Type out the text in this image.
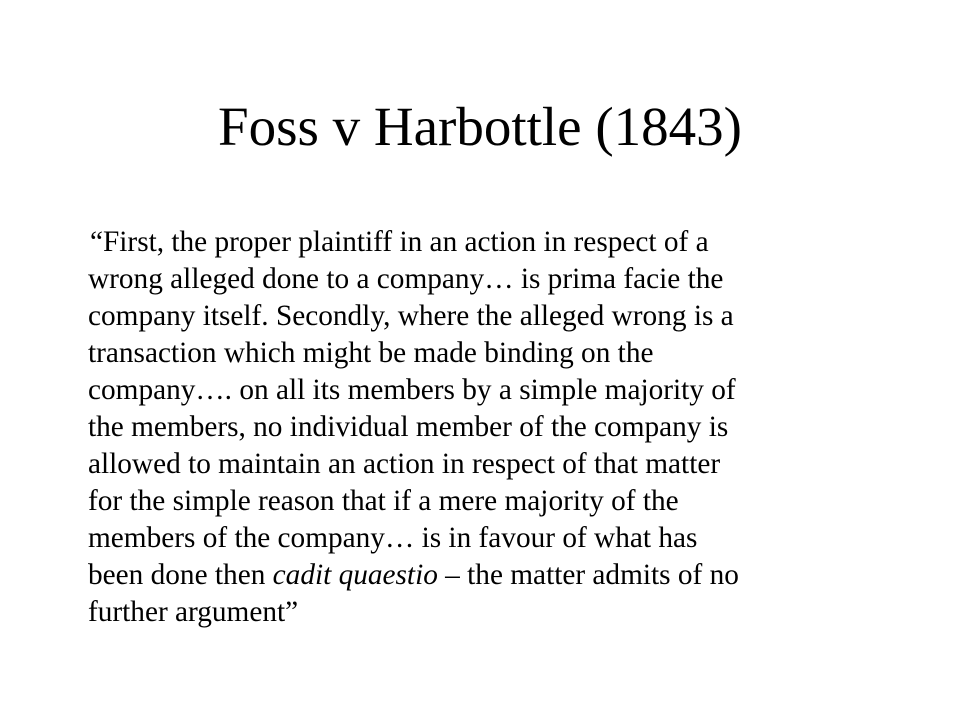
Foss v Harbottle (1843)
“First, the proper plaintiff in an action in respect of a
wrong alleged done to a company… is prima facie the
company itself. Secondly, where the alleged wrong is a
transaction which might be made binding on the
company…. on all its members by a simple majority of
the members, no individual member of the company is
allowed to maintain an action in respect of that matter
for the simple reason that if a mere majority of the
members of the company… is in favour of what has
been done then cadit quaestio – the matter admits of no
further argument”
